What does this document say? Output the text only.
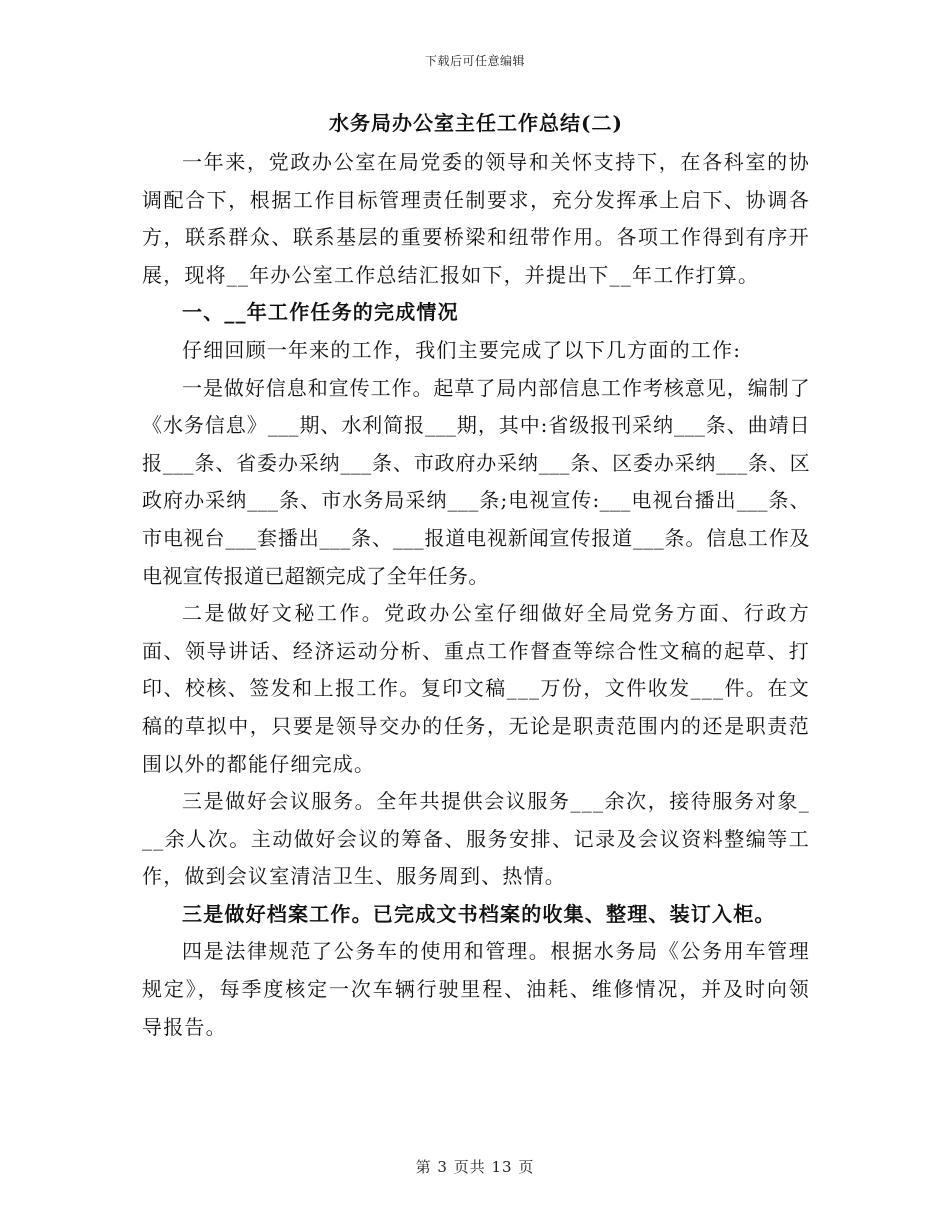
下载后可任意编辑
水务局办公室主任工作总结(二)

一年来，党政办公室在局党委的领导和关怀支持下，在各科室的协调配合下，根据工作目标管理责任制要求，充分发挥承上启下、协调各方，联系群众、联系基层的重要桥梁和纽带作用。各项工作得到有序开展，现将__年办公室工作总结汇报如下，并提出下__年工作打算。

一、__年工作任务的完成情况

仔细回顾一年来的工作，我们主要完成了以下几方面的工作:

一是做好信息和宣传工作。起草了局内部信息工作考核意见，编制了《水务信息》___期、水利简报___期，其中:省级报刊采纳___条、曲靖日报___条、省委办采纳___条、市政府办采纳___条、区委办采纳___条、区政府办采纳___条、市水务局采纳___条;电视宣传:___电视台播出___条、市电视台___套播出___条、___报道电视新闻宣传报道___条。信息工作及电视宣传报道已超额完成了全年任务。

二是做好文秘工作。党政办公室仔细做好全局党务方面、行政方面、领导讲话、经济运动分析、重点工作督查等综合性文稿的起草、打印、校核、签发和上报工作。复印文稿___万份，文件收发___件。在文稿的草拟中，只要是领导交办的任务，无论是职责范围内的还是职责范围以外的都能仔细完成。

三是做好会议服务。全年共提供会议服务___余次，接待服务对象___余人次。主动做好会议的筹备、服务安排、记录及会议资料整编等工作，做到会议室清洁卫生、服务周到、热情。

三是做好档案工作。已完成文书档案的收集、整理、装订入柜。

四是法律规范了公务车的使用和管理。根据水务局《公务用车管理规定》，每季度核定一次车辆行驶里程、油耗、维修情况，并及时向领导报告。

第 3 页共 13 页
